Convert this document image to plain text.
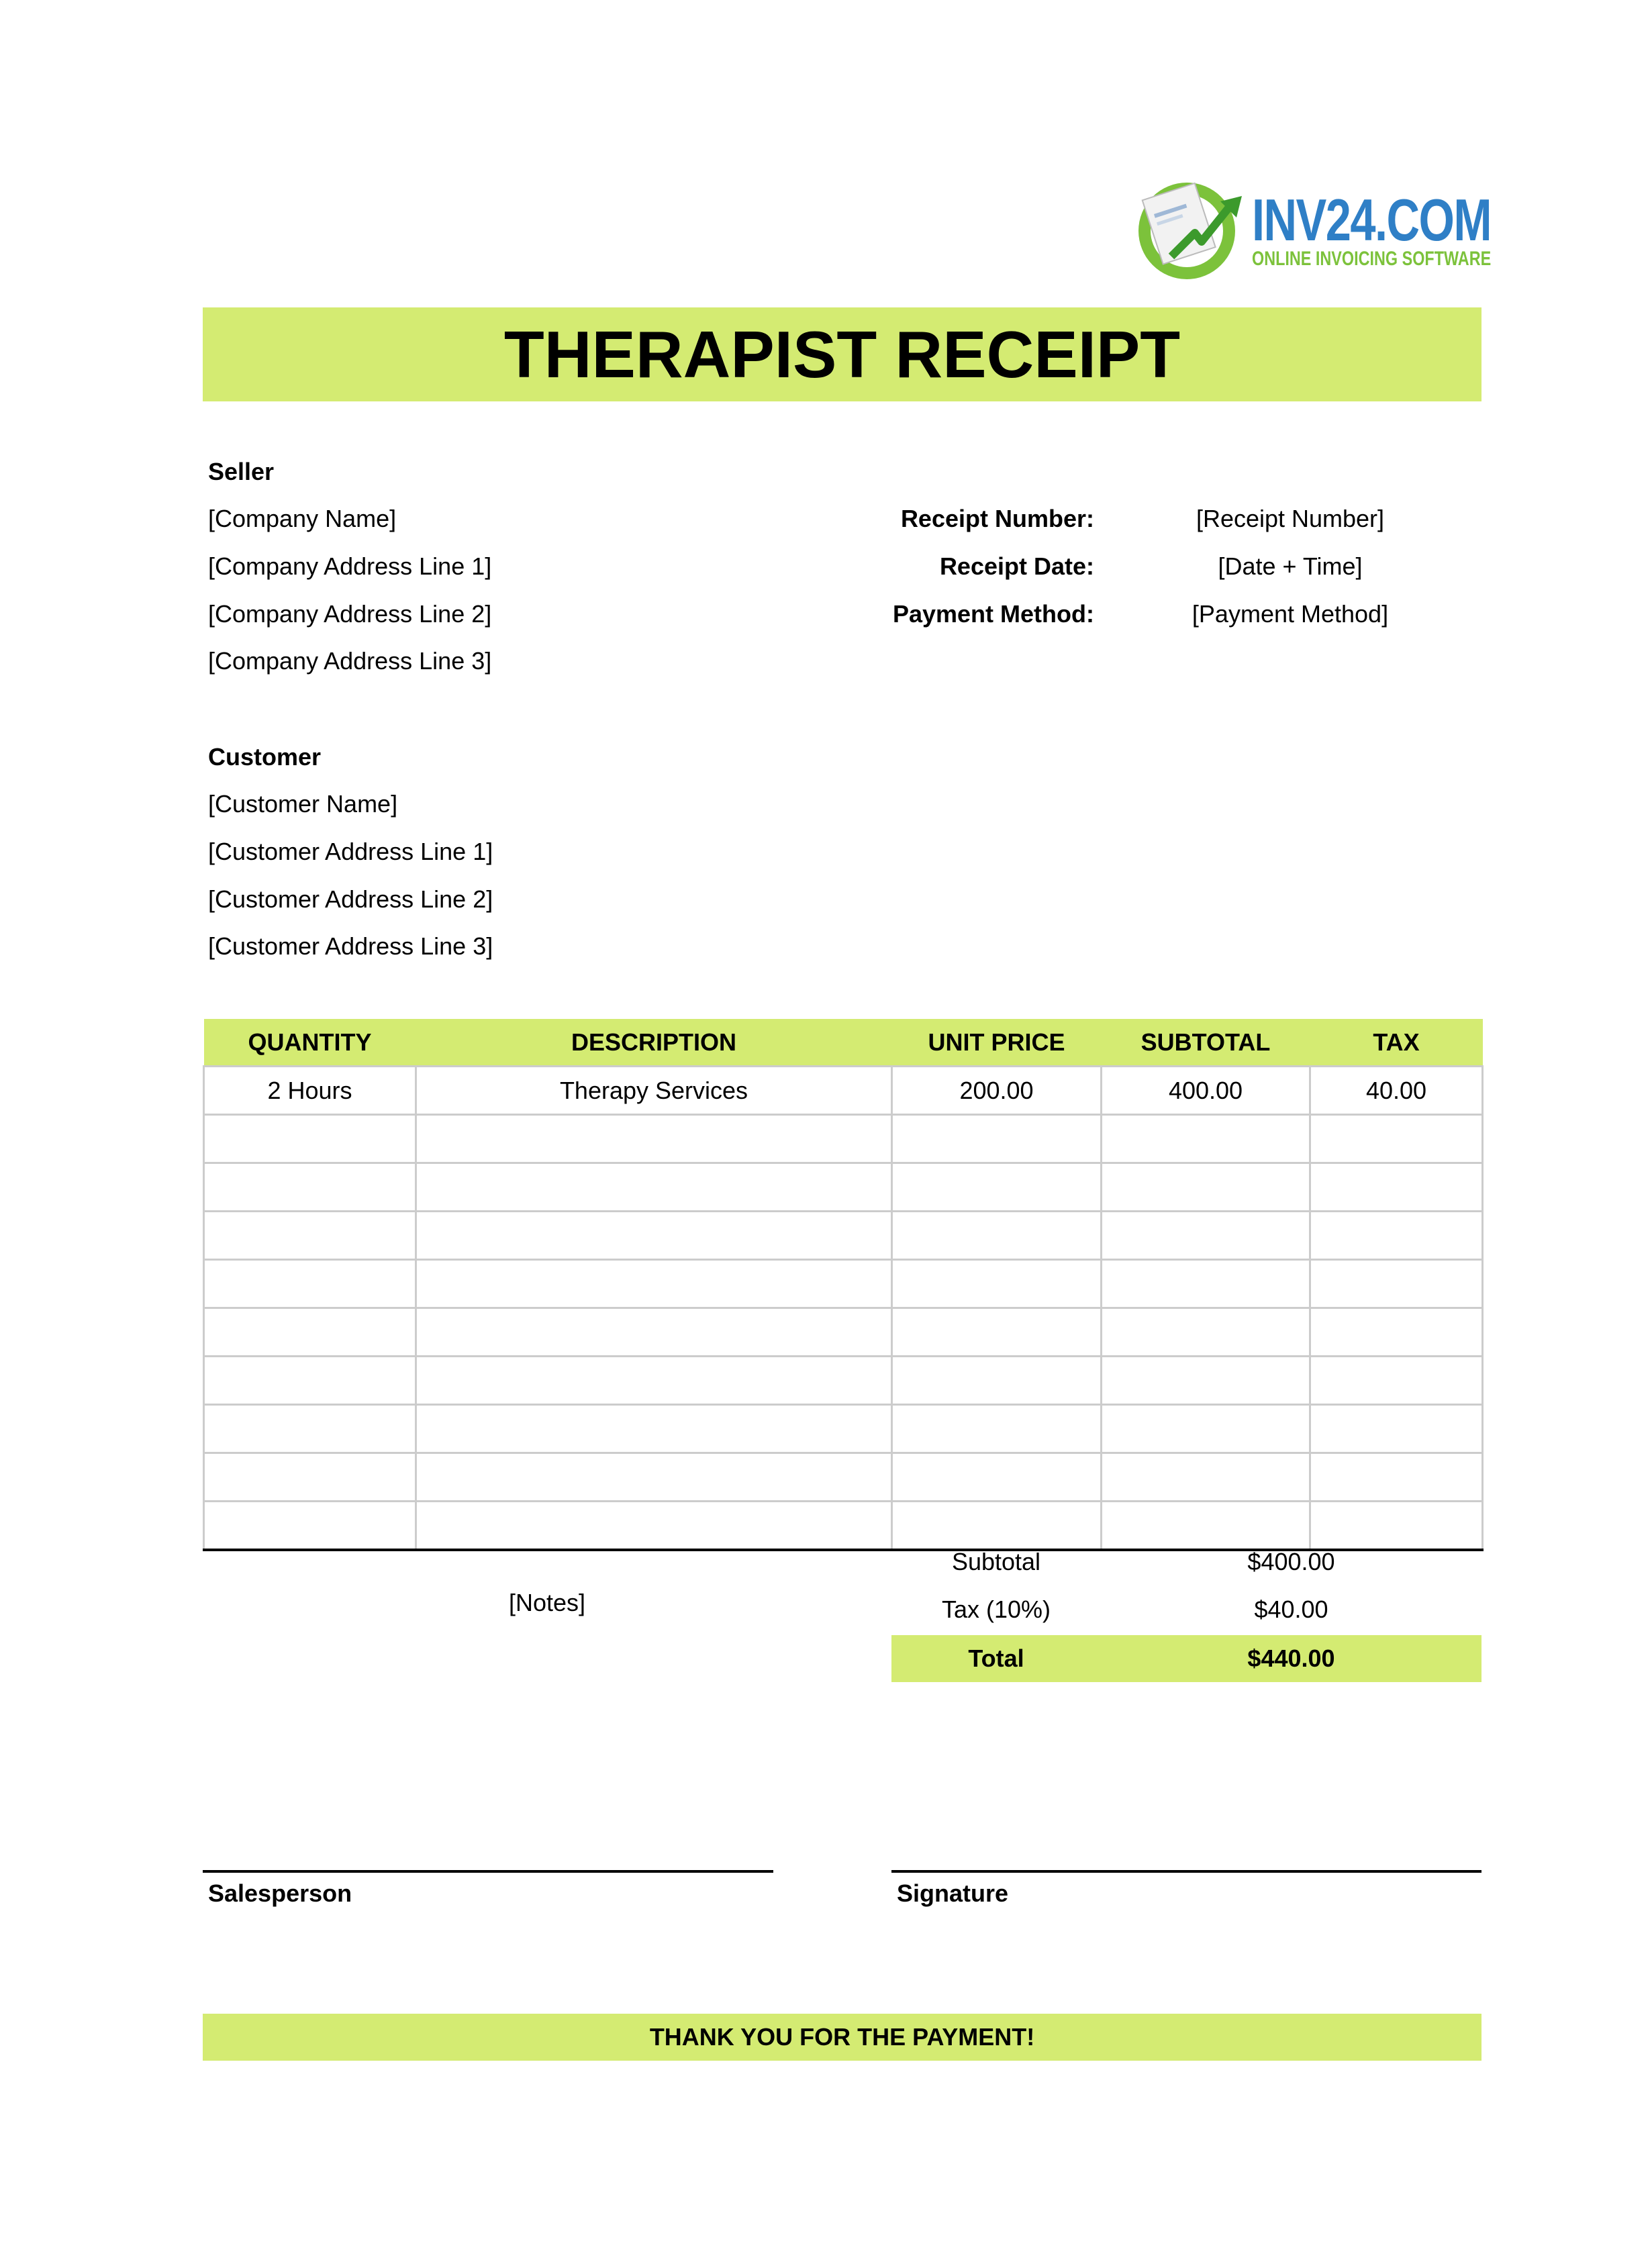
INV24.COM
ONLINE INVOICING SOFTWARE
THERAPIST RECEIPT
Seller
[Company Name]
[Company Address Line 1]
[Company Address Line 2]
[Company Address Line 3]
Receipt Number:	[Receipt Number]
Receipt Date:	[Date + Time]
Payment Method:	[Payment Method]
Customer
[Customer Name]
[Customer Address Line 1]
[Customer Address Line 2]
[Customer Address Line 3]
QUANTITY	DESCRIPTION	UNIT PRICE	SUBTOTAL	TAX
2 Hours	Therapy Services	200.00	400.00	40.00

[Notes]
Subtotal	$400.00
Tax (10%)	$40.00
Total	$440.00
Salesperson	Signature
THANK YOU FOR THE PAYMENT!
